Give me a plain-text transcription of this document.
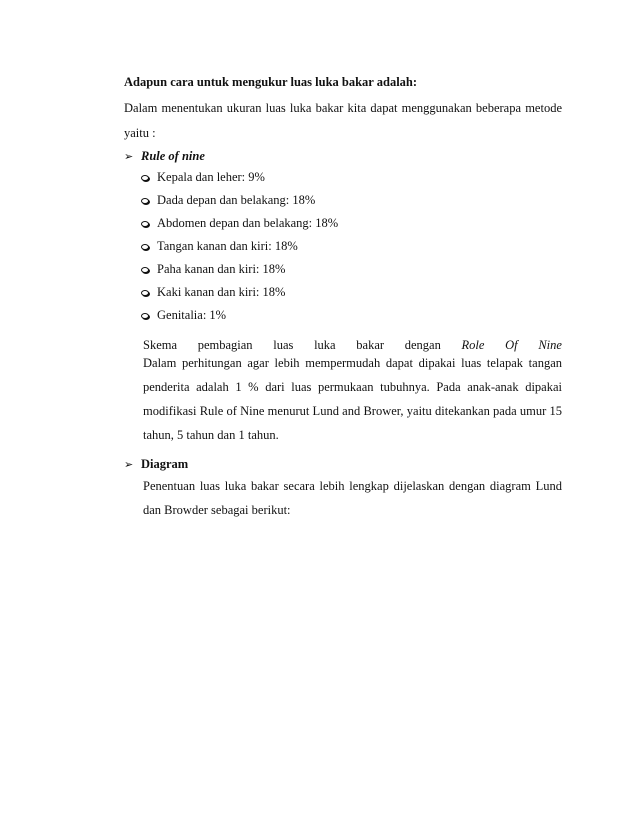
Adapun cara untuk mengukur luas luka bakar adalah:
Dalam menentukan ukuran luas luka bakar kita dapat menggunakan beberapa metode
yaitu :
➢ Rule of nine
Kepala dan leher: 9%
Dada depan dan belakang: 18%
Abdomen depan dan belakang: 18%
Tangan kanan dan kiri: 18%
Paha kanan dan kiri: 18%
Kaki kanan dan kiri: 18%
Genitalia: 1%
Skema pembagian luas luka bakar dengan Role Of Nine
Dalam perhitungan agar lebih mempermudah dapat dipakai luas telapak tangan
penderita adalah 1 % dari luas permukaan tubuhnya. Pada anak-anak dipakai
modifikasi Rule of Nine menurut Lund and Brower, yaitu ditekankan pada umur 15
tahun, 5 tahun dan 1 tahun.
➢ Diagram
Penentuan luas luka bakar secara lebih lengkap dijelaskan dengan diagram Lund
dan Browder sebagai berikut:
